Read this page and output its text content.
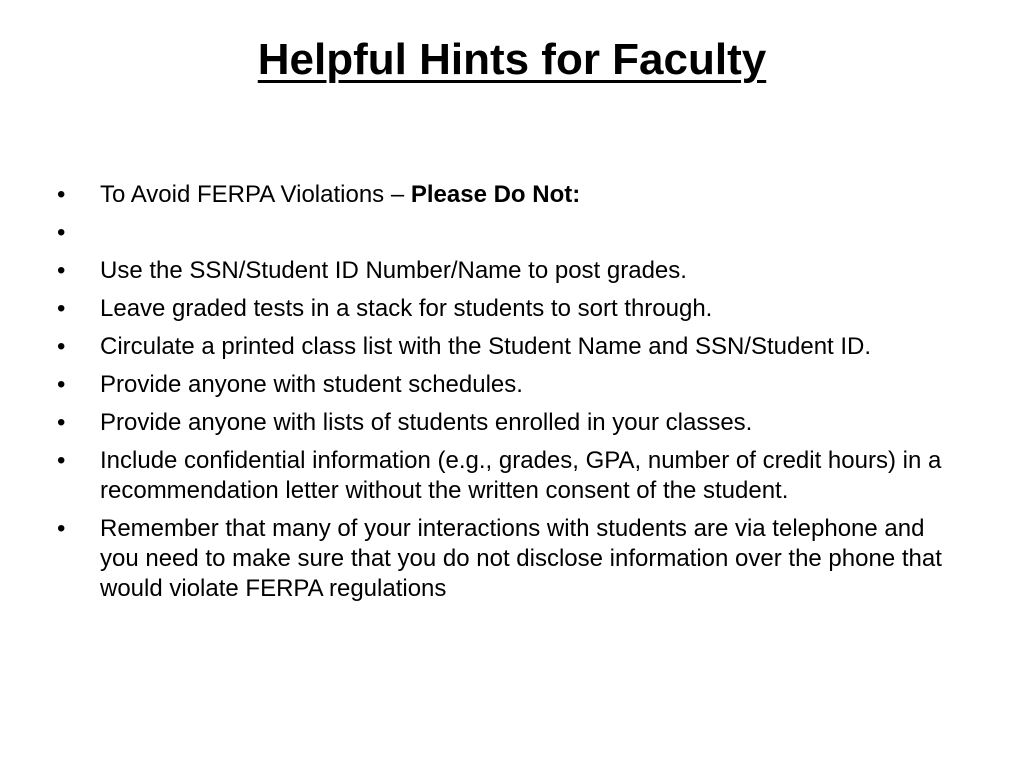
Helpful Hints for Faculty
•	To Avoid FERPA Violations – Please Do Not:
•
•	Use the SSN/Student ID Number/Name to post grades.
•	Leave graded tests in a stack for students to sort through.
•	Circulate a printed class list with the Student Name and SSN/Student ID.
•	Provide anyone with student schedules.
•	Provide anyone with lists of students enrolled in your classes.
•	Include confidential information (e.g., grades, GPA, number of credit hours) in a recommendation letter without the written consent of the student.
•	Remember that many of your interactions with students are via telephone and you need to make sure that you do not disclose information over the phone that would violate FERPA regulations
